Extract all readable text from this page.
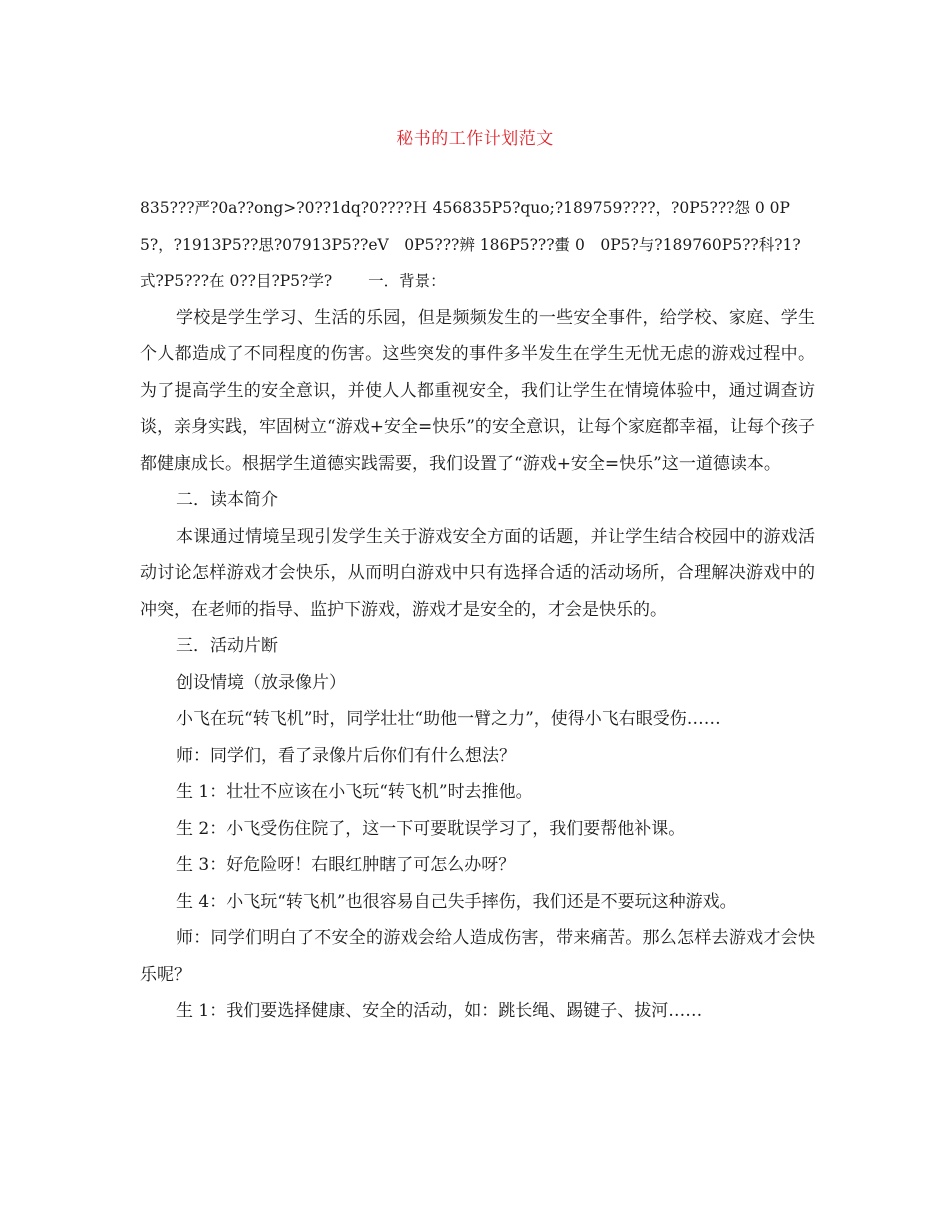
秘书的工作计划范文

835???严?0a??ong>?0??1dq?0????Ｈ 456835P5?quo;?189759????，?0P5???怨 0 0P5?，?1913P5??思?07913P5??eV　0P5???辨 186P5???蟗 0　0P5?与?189760P5??科?1?式?P5???在 0??目?P5?学? 一．背景：

学校是学生学习、生活的乐园，但是频频发生的一些安全事件，给学校、家庭、学生个人都造成了不同程度的伤害。这些突发的事件多半发生在学生无忧无虑的游戏过程中。为了提高学生的安全意识，并使人人都重视安全，我们让学生在情境体验中，通过调查访谈，亲身实践，牢固树立“游戏+安全=快乐”的安全意识，让每个家庭都幸福，让每个孩子都健康成长。根据学生道德实践需要，我们设置了“游戏+安全=快乐”这一道德读本。

二．读本简介

本课通过情境呈现引发学生关于游戏安全方面的话题，并让学生结合校园中的游戏活动讨论怎样游戏才会快乐，从而明白游戏中只有选择合适的活动场所，合理解决游戏中的冲突，在老师的指导、监护下游戏，游戏才是安全的，才会是快乐的。

三．活动片断

创设情境（放录像片）

小飞在玩“转飞机”时，同学壮壮“助他一臂之力”，使得小飞右眼受伤……

师：同学们，看了录像片后你们有什么想法？

生 1：壮壮不应该在小飞玩“转飞机”时去推他。

生 2：小飞受伤住院了，这一下可要耽误学习了，我们要帮他补课。

生 3：好危险呀！右眼红肿瞎了可怎么办呀？

生 4：小飞玩“转飞机”也很容易自己失手摔伤，我们还是不要玩这种游戏。

师：同学们明白了不安全的游戏会给人造成伤害，带来痛苦。那么怎样去游戏才会快乐呢？

生 1：我们要选择健康、安全的活动，如：跳长绳、踢键子、拔河……
